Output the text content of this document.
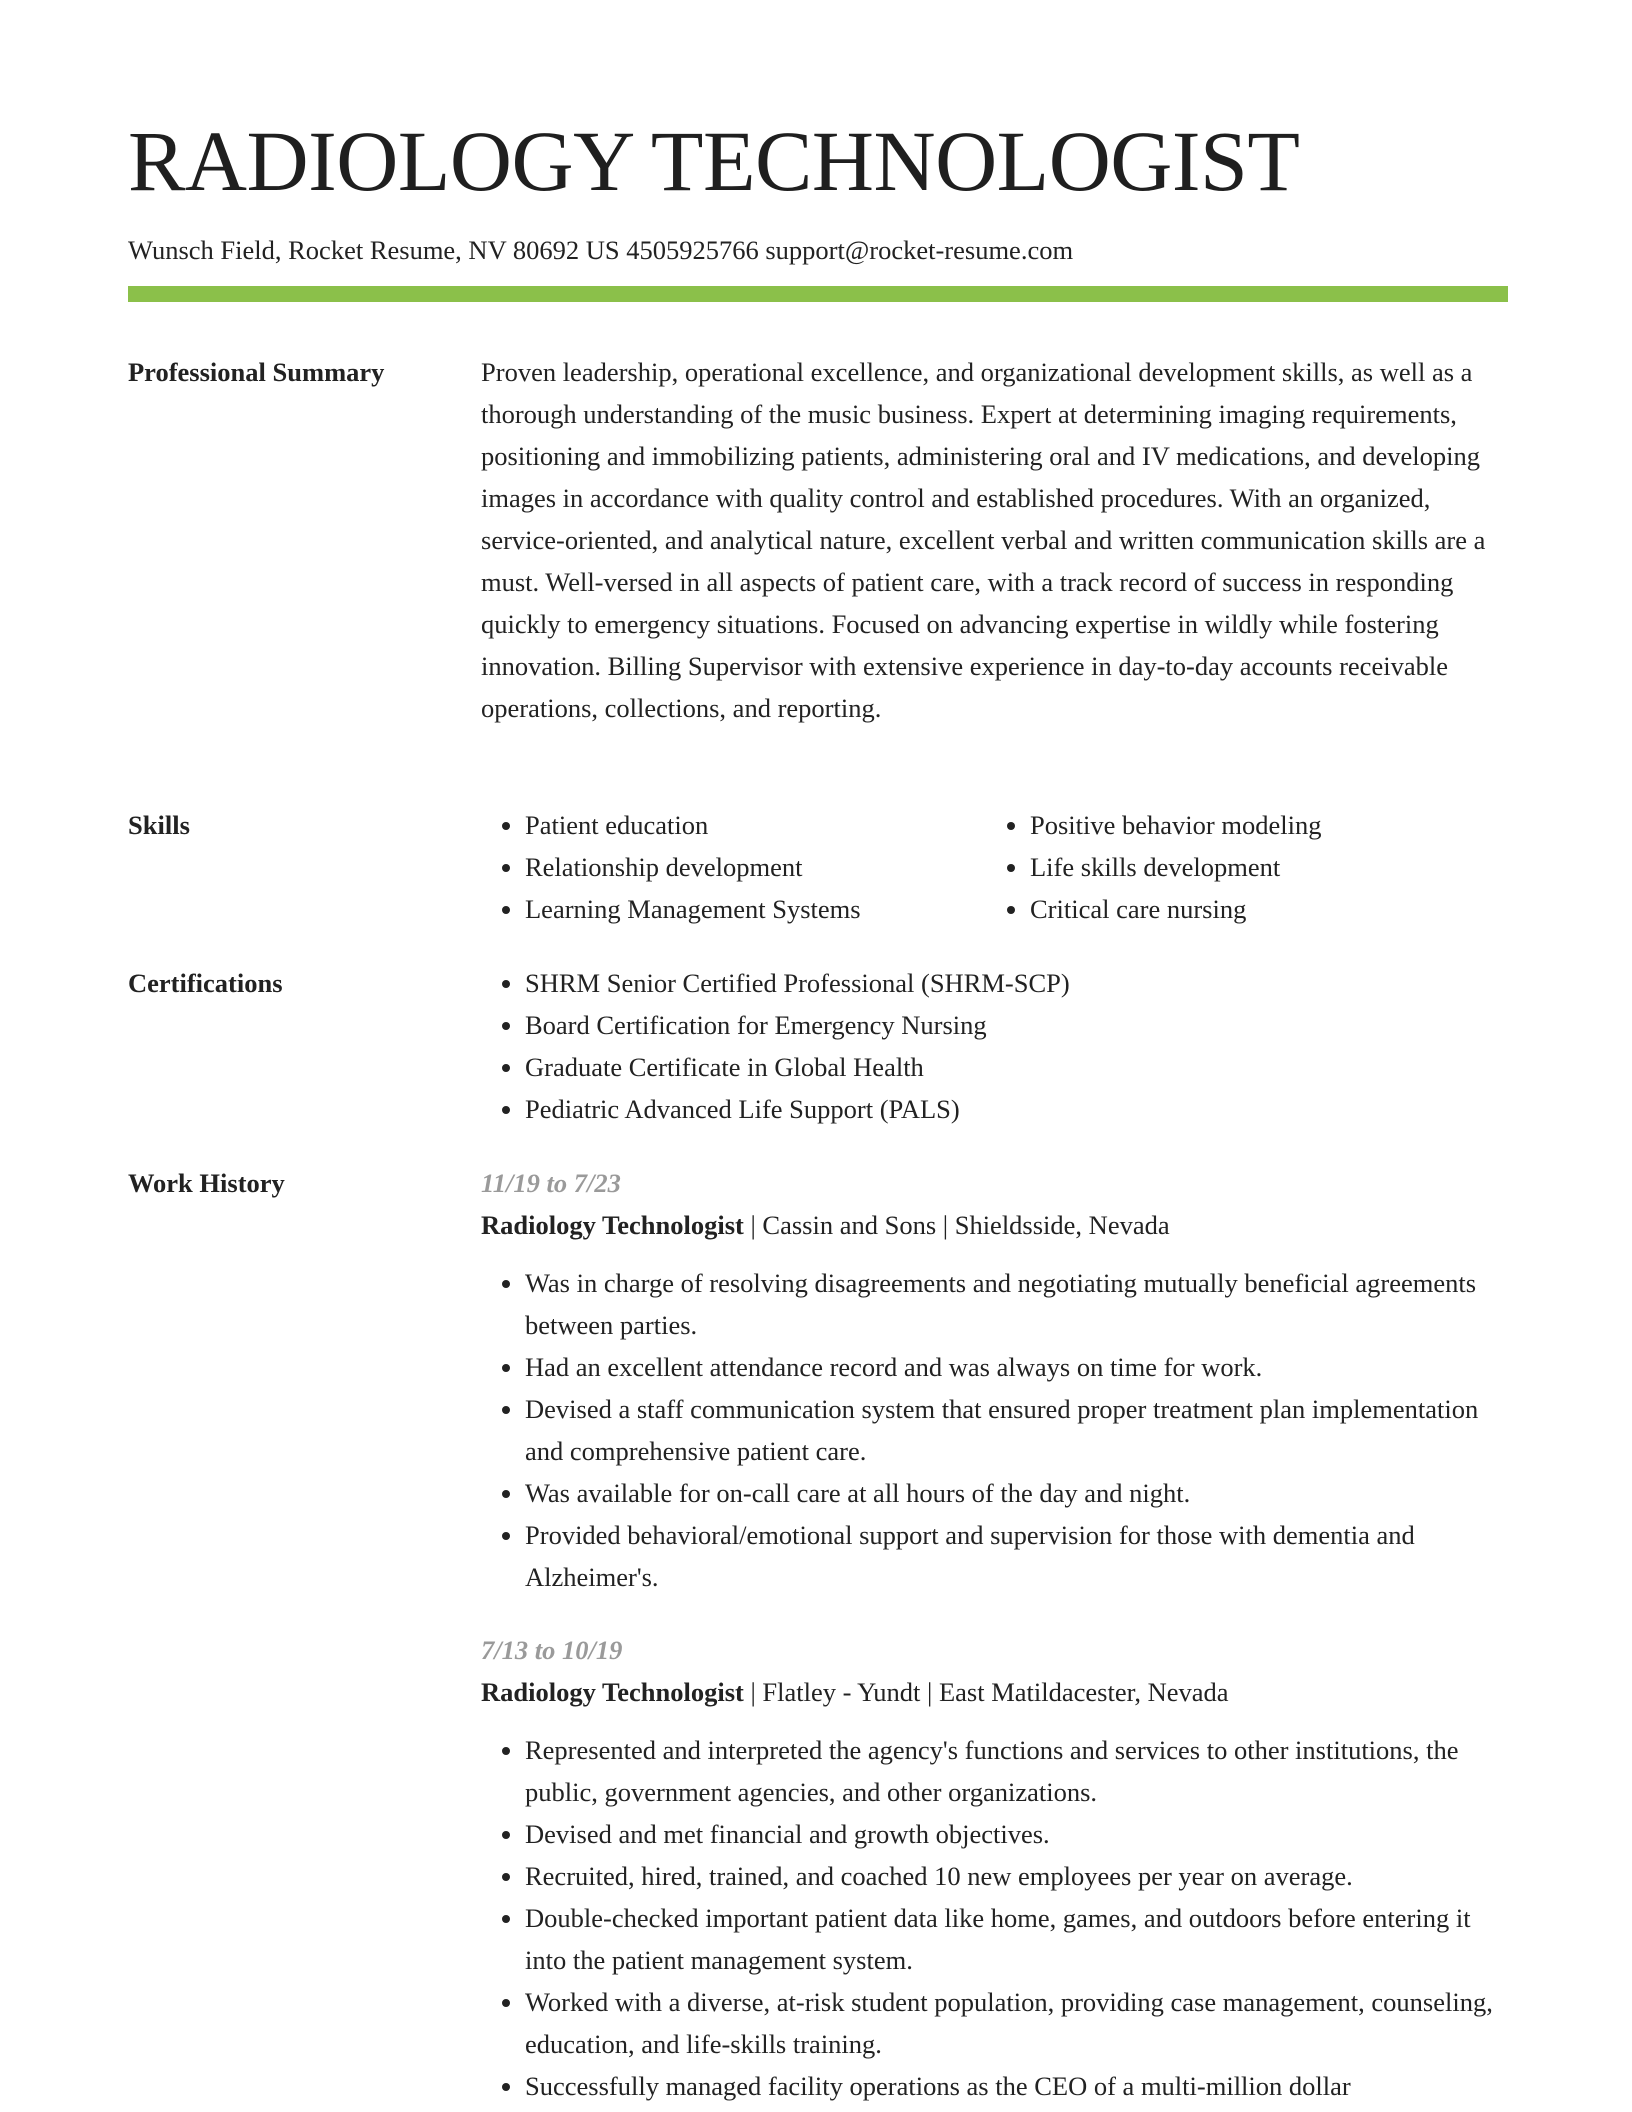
RADIOLOGY TECHNOLOGIST
Wunsch Field, Rocket Resume, NV 80692 US 4505925766 support@rocket-resume.com
Professional Summary	Proven leadership, operational excellence, and organizational development skills, as well as a thorough understanding of the music business. Expert at determining imaging requirements, positioning and immobilizing patients, administering oral and IV medications, and developing images in accordance with quality control and established procedures. With an organized, service-oriented, and analytical nature, excellent verbal and written communication skills are a must. Well-versed in all aspects of patient care, with a track record of success in responding quickly to emergency situations. Focused on advancing expertise in wildly while fostering innovation. Billing Supervisor with extensive experience in day-to-day accounts receivable operations, collections, and reporting.

Skills	• Patient education
• Relationship development
• Learning Management Systems
• Positive behavior modeling
• Life skills development
• Critical care nursing
Certifications	• SHRM Senior Certified Professional (SHRM-SCP)
• Board Certification for Emergency Nursing
• Graduate Certificate in Global Health
• Pediatric Advanced Life Support (PALS)
Work History	11/19 to 7/23
Radiology Technologist | Cassin and Sons | Shieldsside, Nevada
• Was in charge of resolving disagreements and negotiating mutually beneficial agreements between parties.
• Had an excellent attendance record and was always on time for work.
• Devised a staff communication system that ensured proper treatment plan implementation and comprehensive patient care.
• Was available for on-call care at all hours of the day and night.
• Provided behavioral/emotional support and supervision for those with dementia and Alzheimer's.
7/13 to 10/19
Radiology Technologist | Flatley - Yundt | East Matildacester, Nevada
• Represented and interpreted the agency's functions and services to other institutions, the public, government agencies, and other organizations.
• Devised and met financial and growth objectives.
• Recruited, hired, trained, and coached 10 new employees per year on average.
• Double-checked important patient data like home, games, and outdoors before entering it into the patient management system.
• Worked with a diverse, at-risk student population, providing case management, counseling, education, and life-skills training.
• Successfully managed facility operations as the CEO of a multi-million dollar
